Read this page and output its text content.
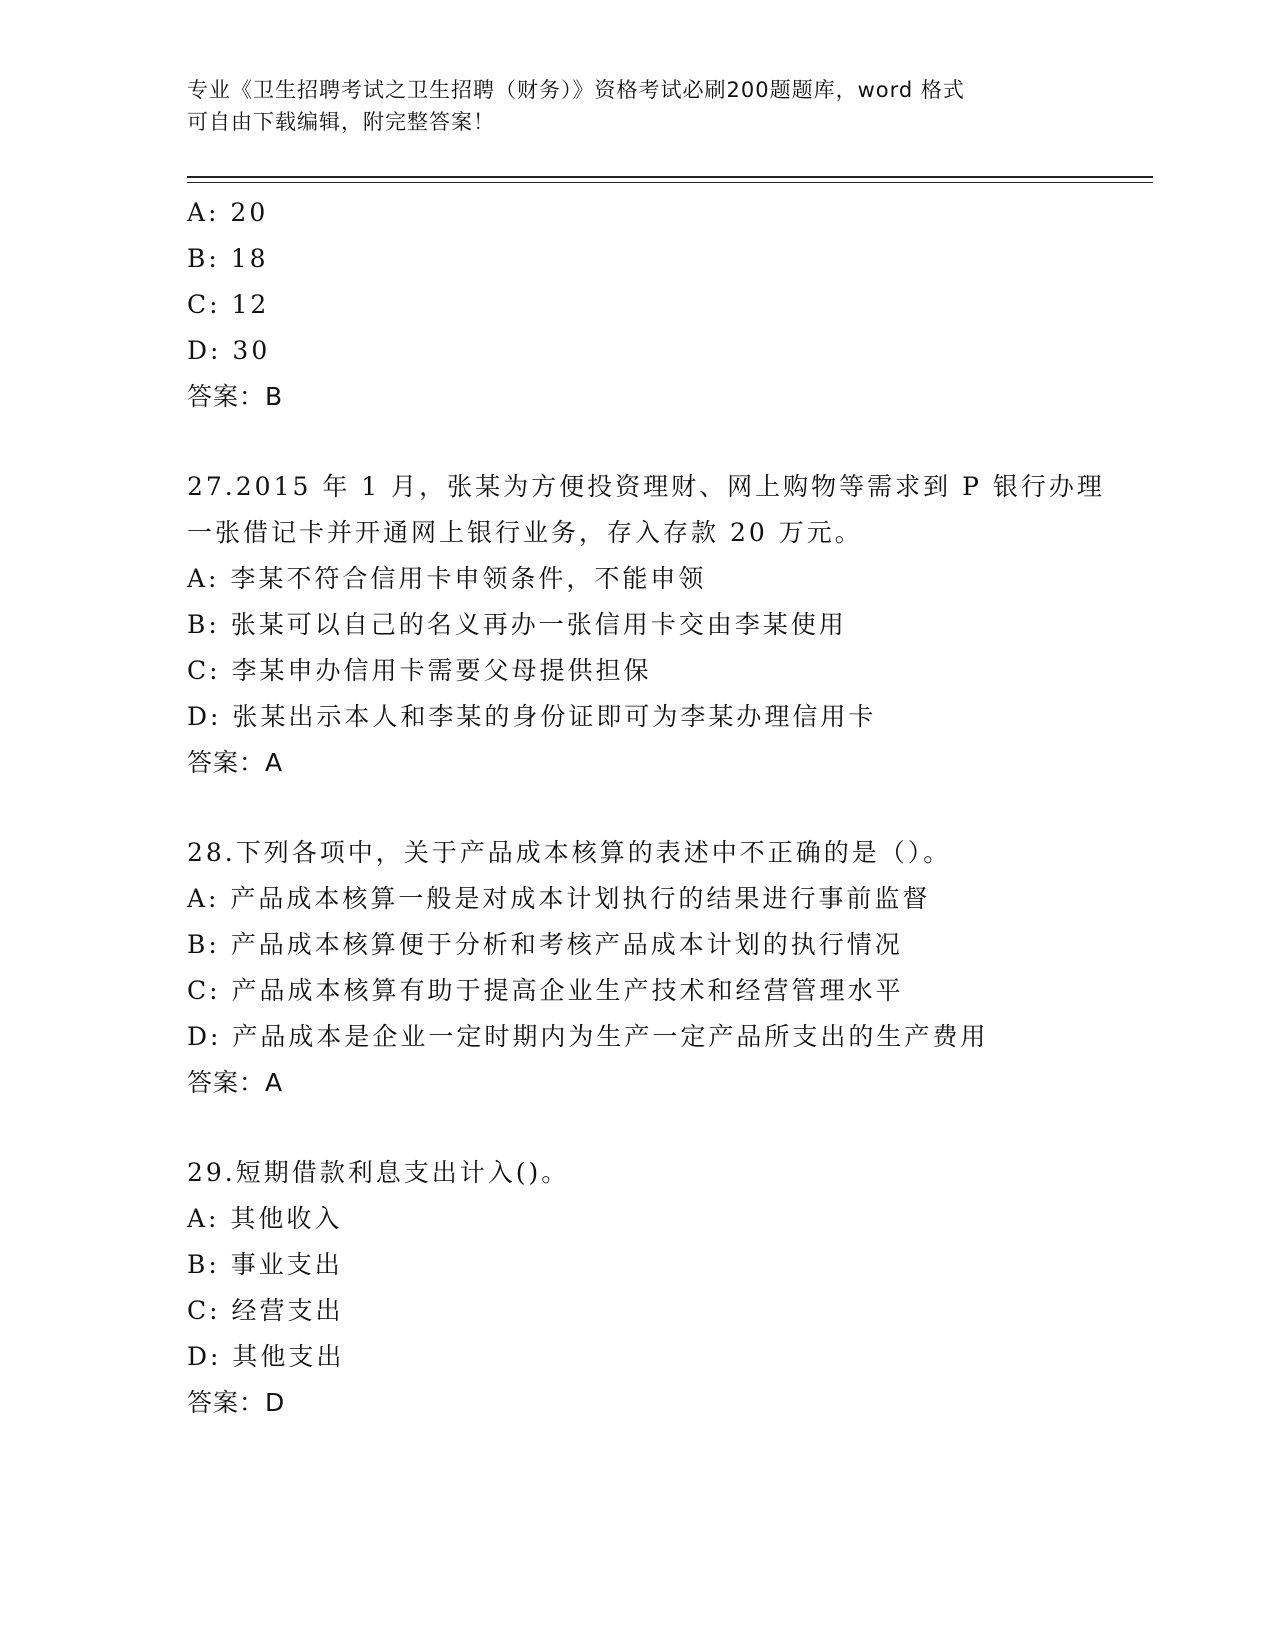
专业《卫生招聘考试之卫生招聘（财务）》资格考试必刷200题题库，word 格式
可自由下载编辑，附完整答案！
A: 20
B: 18
C: 12
D: 30
答案：B
27.2015 年 1 月，张某为方便投资理财、网上购物等需求到 P 银行办理
一张借记卡并开通网上银行业务，存入存款 20 万元。
A: 李某不符合信用卡申领条件，不能申领
B: 张某可以自己的名义再办一张信用卡交由李某使用
C: 李某申办信用卡需要父母提供担保
D: 张某出示本人和李某的身份证即可为李某办理信用卡
答案：A
28.下列各项中，关于产品成本核算的表述中不正确的是（）。
A: 产品成本核算一般是对成本计划执行的结果进行事前监督
B: 产品成本核算便于分析和考核产品成本计划的执行情况
C: 产品成本核算有助于提高企业生产技术和经营管理水平
D: 产品成本是企业一定时期内为生产一定产品所支出的生产费用
答案：A
29.短期借款利息支出计入()。
A: 其他收入
B: 事业支出
C: 经营支出
D: 其他支出
答案：D
